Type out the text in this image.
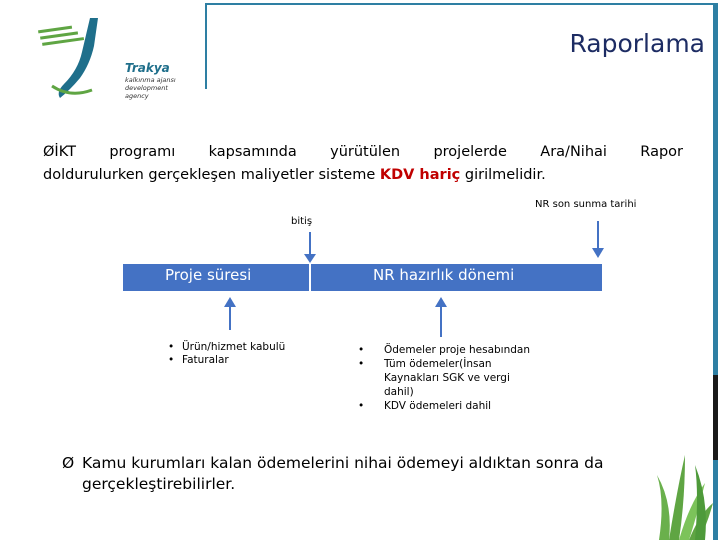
Trakya
kalkınma ajansı
development agency
Raporlama
ØİKT programı kapsamında yürütülen projelerde Ara/Nihai Rapor
doldurulurken gerçekleşen maliyetler sisteme KDV hariç girilmelidir.
NR son sunma tarihi
bitiş
Proje süresi	NR hazırlık dönemi
• Ürün/hizmet kabulü
• Faturalar
•	Ödemeler proje hesabından
•	Tüm ödemeler(İnsan Kaynakları SGK ve vergi dahil)
•	KDV ödemeleri dahil
Ø Kamu kurumları kalan ödemelerini nihai ödemeyi aldıktan sonra da gerçekleştirebilirler.
